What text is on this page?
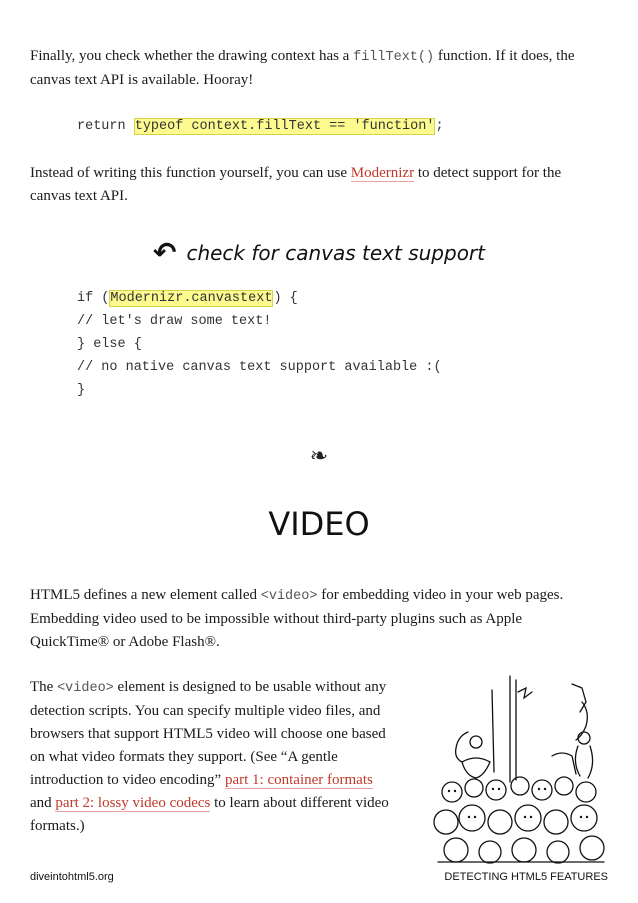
Finally, you check whether the drawing context has a fillText() function. If it does, the canvas text API is available. Hooray!

return typeof context.fillText == 'function';

Instead of writing this function yourself, you can use Modernizr to detect support for the canvas text API.

↶ check for canvas text support
if (Modernizr.canvastext) {
// let's draw some text!
} else {
// no native canvas text support available :(
}
❧
VIDEO

HTML5 defines a new element called <video> for embedding video in your web pages. Embedding video used to be impossible without third-party plugins such as Apple QuickTime® or Adobe Flash®.

The <video> element is designed to be usable without any detection scripts. You can specify multiple video files, and browsers that support HTML5 video will choose one based on what video formats they support. (See “A gentle introduction to video encoding” part 1: container formats and part 2: lossy video codecs to learn about different video formats.)

diveintohtml5.org	DETECTING HTML5 FEATURES
